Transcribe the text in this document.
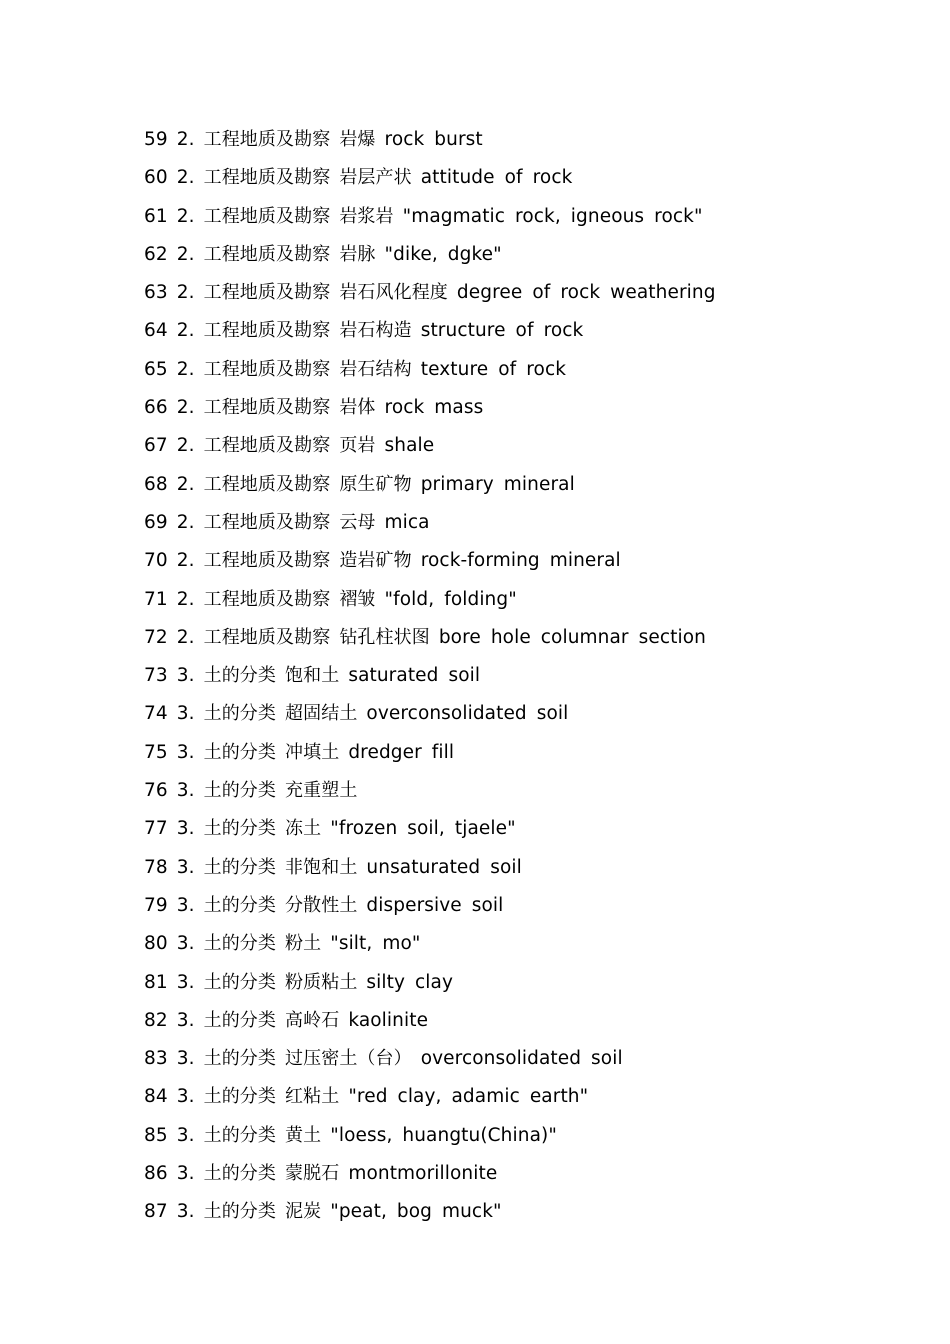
59 2. 工程地质及勘察 岩爆 rock burst
60 2. 工程地质及勘察 岩层产状 attitude of rock
61 2. 工程地质及勘察 岩浆岩 "magmatic rock, igneous rock"
62 2. 工程地质及勘察 岩脉 "dike, dgke"
63 2. 工程地质及勘察 岩石风化程度 degree of rock weathering
64 2. 工程地质及勘察 岩石构造 structure of rock
65 2. 工程地质及勘察 岩石结构 texture of rock
66 2. 工程地质及勘察 岩体 rock mass
67 2. 工程地质及勘察 页岩 shale
68 2. 工程地质及勘察 原生矿物 primary mineral
69 2. 工程地质及勘察 云母 mica
70 2. 工程地质及勘察 造岩矿物 rock-forming mineral
71 2. 工程地质及勘察 褶皱 "fold, folding"
72 2. 工程地质及勘察 钻孔柱状图 bore hole columnar section
73 3. 土的分类 饱和土 saturated soil
74 3. 土的分类 超固结土 overconsolidated soil
75 3. 土的分类 冲填土 dredger fill
76 3. 土的分类 充重塑土
77 3. 土的分类 冻土 "frozen soil, tjaele"
78 3. 土的分类 非饱和土 unsaturated soil
79 3. 土的分类 分散性土 dispersive soil
80 3. 土的分类 粉土 "silt, mo"
81 3. 土的分类 粉质粘土 silty clay
82 3. 土的分类 高岭石 kaolinite
83 3. 土的分类 过压密土（台） overconsolidated soil
84 3. 土的分类 红粘土 "red clay, adamic earth"
85 3. 土的分类 黄土 "loess, huangtu(China)"
86 3. 土的分类 蒙脱石 montmorillonite
87 3. 土的分类 泥炭 "peat, bog muck"
